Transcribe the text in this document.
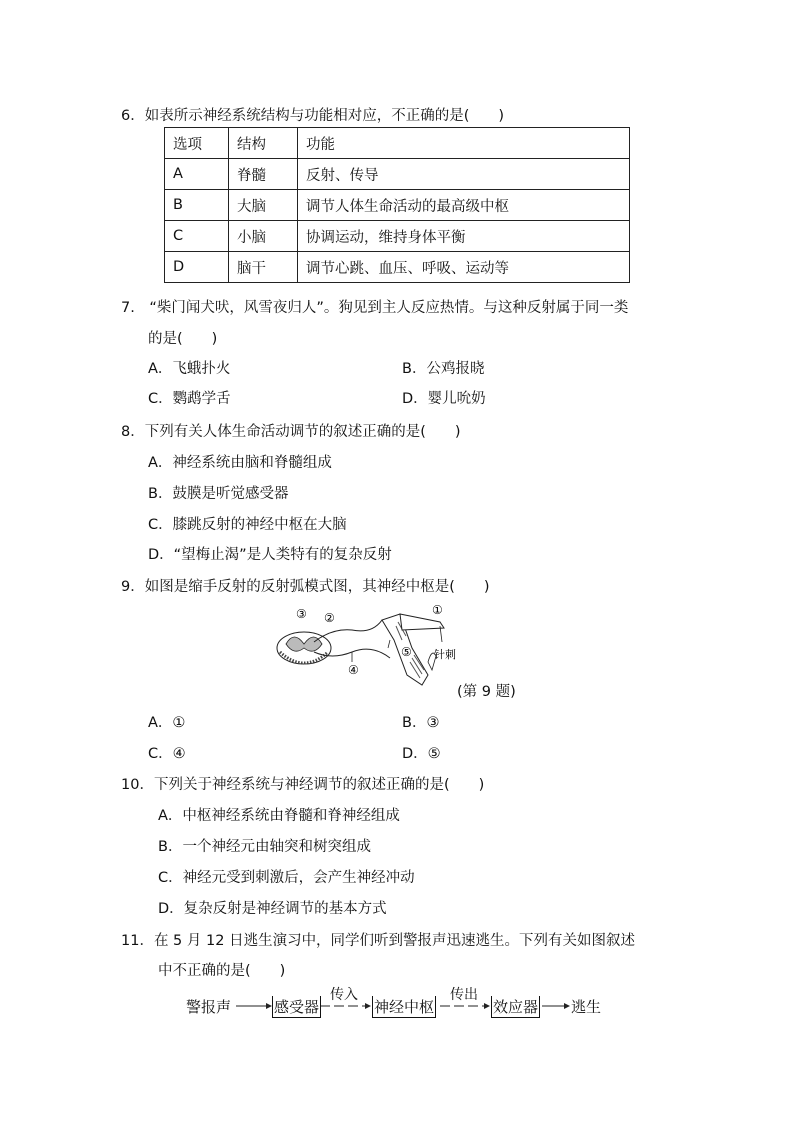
6．如表所示神经系统结构与功能相对应，不正确的是(　　)
选项	结构	功能
A	脊髓	反射、传导
B	大脑	调节人体生命活动的最高级中枢
C	小脑	协调运动，维持身体平衡
D	脑干	调节心跳、血压、呼吸、运动等
7.　“柴门闻犬吠，风雪夜归人”。狗见到主人反应热情。与这种反射属于同一类
的是(　　)
A．飞蛾扑火	B．公鸡报晓
C．鹦鹉学舌	D．婴儿吮奶
8．下列有关人体生命活动调节的叙述正确的是(　　)
A．神经系统由脑和脊髓组成
B．鼓膜是听觉感受器
C．膝跳反射的神经中枢在大脑
D．“望梅止渴”是人类特有的复杂反射
9．如图是缩手反射的反射弧模式图，其神经中枢是(　　)
③ ②
①
④
⑤ 针刺
(第 9 题)
A．①	B．③
C．④	D．⑤
10．下列关于神经系统与神经调节的叙述正确的是(　　)
A．中枢神经系统由脊髓和脊神经组成
B．一个神经元由轴突和树突组成
C．神经元受到刺激后，会产生神经冲动
D．复杂反射是神经调节的基本方式
11．在 5 月 12 日逃生演习中，同学们听到警报声迅速逃生。下列有关如图叙述
中不正确的是(　　)
警报声	感受器
传入
神经中枢
传出
效应器 逃生
